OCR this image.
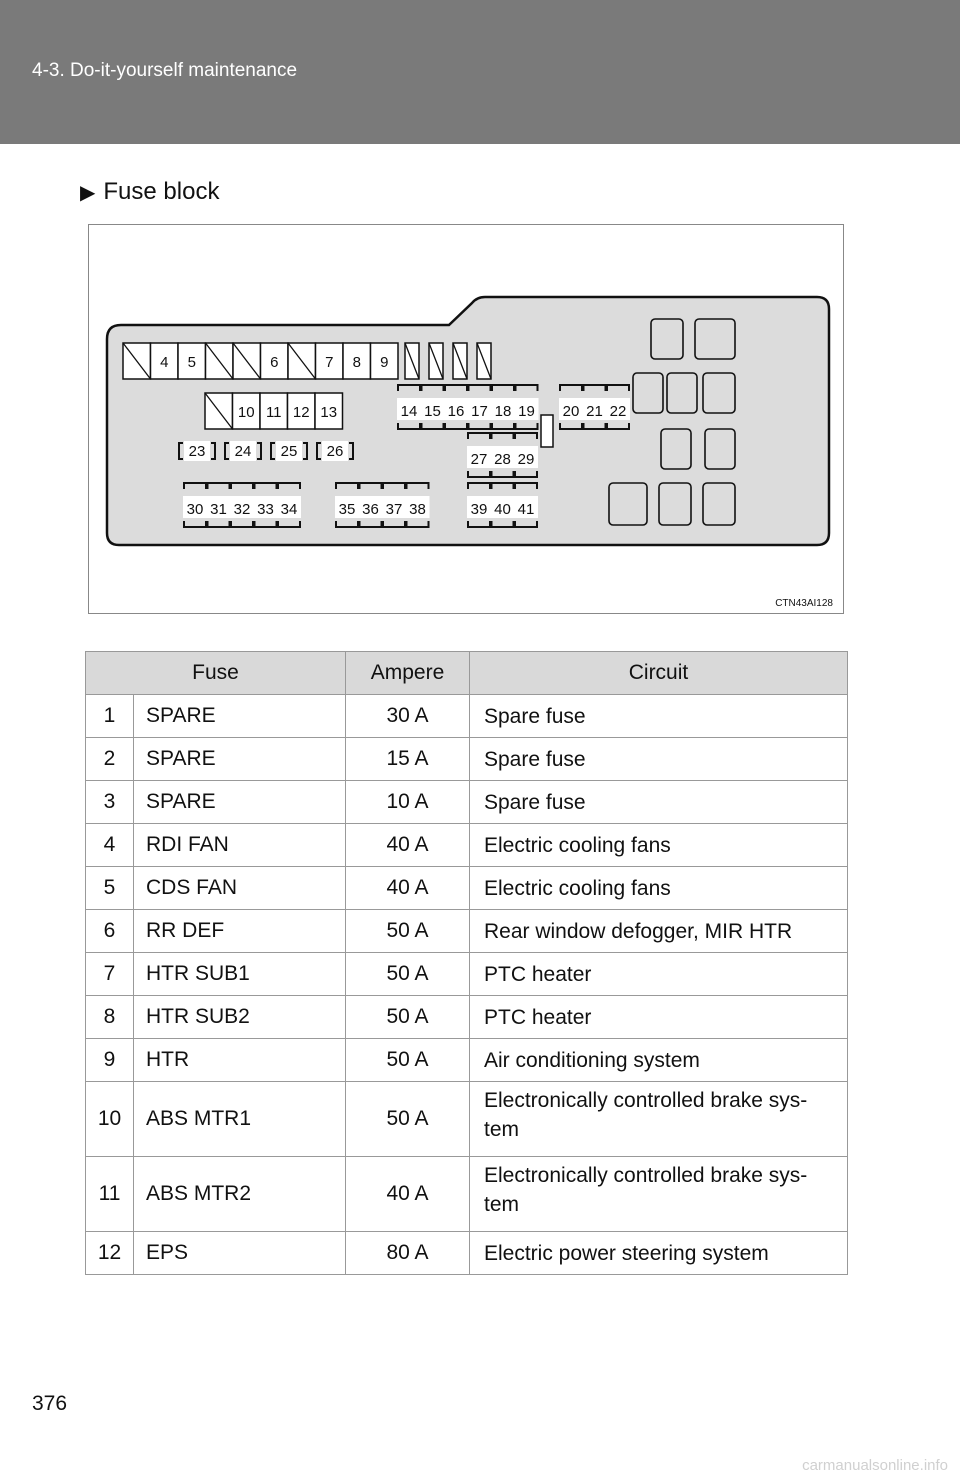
4-3. Do-it-yourself maintenance
▶ Fuse block
4 5	6	7 8 9
10 11 12 13	14 15 16 17 18 19 20 21 22
27 28 29
30 31 32 33 34	35 36 37 38	39 40 41
23 24 25 26
CTN43AI128
Fuse		Ampere	Circuit
1	SPARE	30 A	Spare fuse
2	SPARE	15 A	Spare fuse
3	SPARE	10 A	Spare fuse
4	RDI FAN	40 A	Electric cooling fans
5	CDS FAN	40 A	Electric cooling fans
6	RR DEF	50 A	Rear window defogger, MIR HTR
7	HTR SUB1	50 A	PTC heater
8	HTR SUB2	50 A	PTC heater
9	HTR	50 A	Air conditioning system
10	ABS MTR1	50 A	Electronically controlled brake sys-
tem
11	ABS MTR2	40 A	Electronically controlled brake sys-
tem
12	EPS	80 A	Electric power steering system
376
carmanualsonline.info
